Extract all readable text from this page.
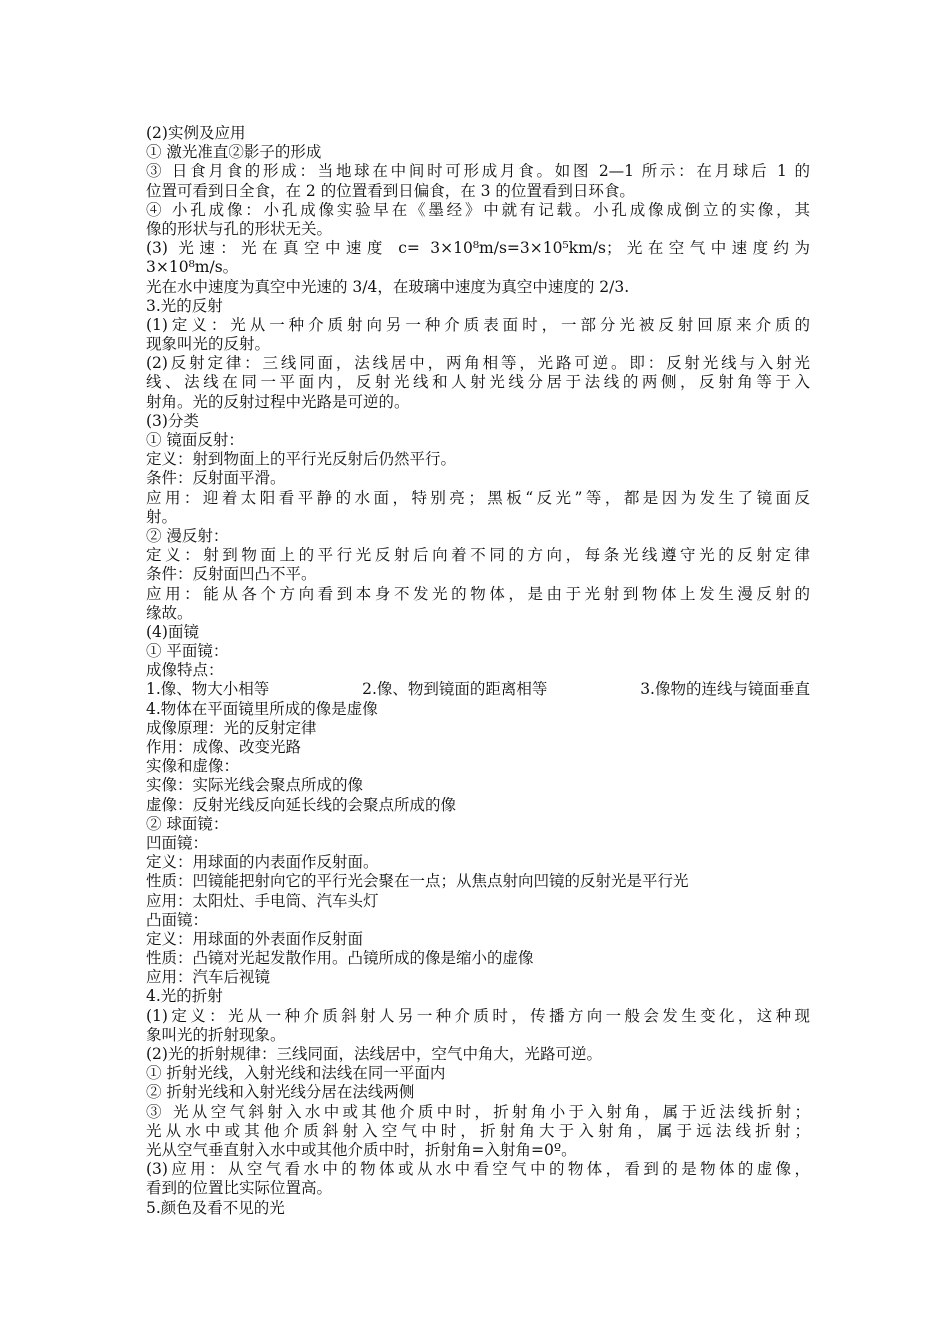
(2)实例及应用
① 激光准直②影子的形成
③ 日食月食的形成：当地球在中间时可形成月食。如图 2—1 所示：在月球后 1 的
位置可看到日全食，在 2 的位置看到日偏食，在 3 的位置看到日环食。
④ 小孔成像：小孔成像实验早在《墨经》中就有记载。小孔成像成倒立的实像，其
像的形状与孔的形状无关。
(3) 光速：光在真空中速度 c= 3×10⁸m/s=3×10⁵km/s；光在空气中速度约为
3×10⁸m/s。
光在水中速度为真空中光速的 3/4，在玻璃中速度为真空中速度的 2/3.
3.光的反射
(1)定义：光从一种介质射向另一种介质表面时，一部分光被反射回原来介质的
现象叫光的反射。
(2)反射定律：三线同面，法线居中，两角相等，光路可逆。即：反射光线与入射光
线、法线在同一平面内，反射光线和人射光线分居于法线的两侧，反射角等于入
射角。光的反射过程中光路是可逆的。
(3)分类
① 镜面反射：
定义：射到物面上的平行光反射后仍然平行。
条件：反射面平滑。
应用：迎着太阳看平静的水面，特别亮；黑板“反光”等，都是因为发生了镜面反
射。
② 漫反射：
定义：射到物面上的平行光反射后向着不同的方向，每条光线遵守光的反射定律
条件：反射面凹凸不平。
应用：能从各个方向看到本身不发光的物体，是由于光射到物体上发生漫反射的
缘故。
(4)面镜
① 平面镜：
成像特点：
1.像、物大小相等	2.像、物到镜面的距离相等	3.像物的连线与镜面垂直
4.物体在平面镜里所成的像是虚像
成像原理：光的反射定律
作用：成像、改变光路
实像和虚像：
实像：实际光线会聚点所成的像
虚像：反射光线反向延长线的会聚点所成的像
② 球面镜：
凹面镜：
定义：用球面的内表面作反射面。
性质：凹镜能把射向它的平行光会聚在一点；从焦点射向凹镜的反射光是平行光
应用：太阳灶、手电筒、汽车头灯
凸面镜：
定义：用球面的外表面作反射面
性质：凸镜对光起发散作用。凸镜所成的像是缩小的虚像
应用：汽车后视镜
4.光的折射
(1)定义：光从一种介质斜射人另一种介质时，传播方向一般会发生变化，这种现
象叫光的折射现象。
(2)光的折射规律：三线同面，法线居中，空气中角大，光路可逆。
① 折射光线，入射光线和法线在同一平面内
② 折射光线和入射光线分居在法线两侧
③ 光从空气斜射入水中或其他介质中时，折射角小于入射角，属于近法线折射；
光从水中或其他介质斜射入空气中时，折射角大于入射角，属于远法线折射；
光从空气垂直射入水中或其他介质中时，折射角=入射角=0º。
(3)应用：从空气看水中的物体或从水中看空气中的物体，看到的是物体的虚像，
看到的位置比实际位置高。
5.颜色及看不见的光
